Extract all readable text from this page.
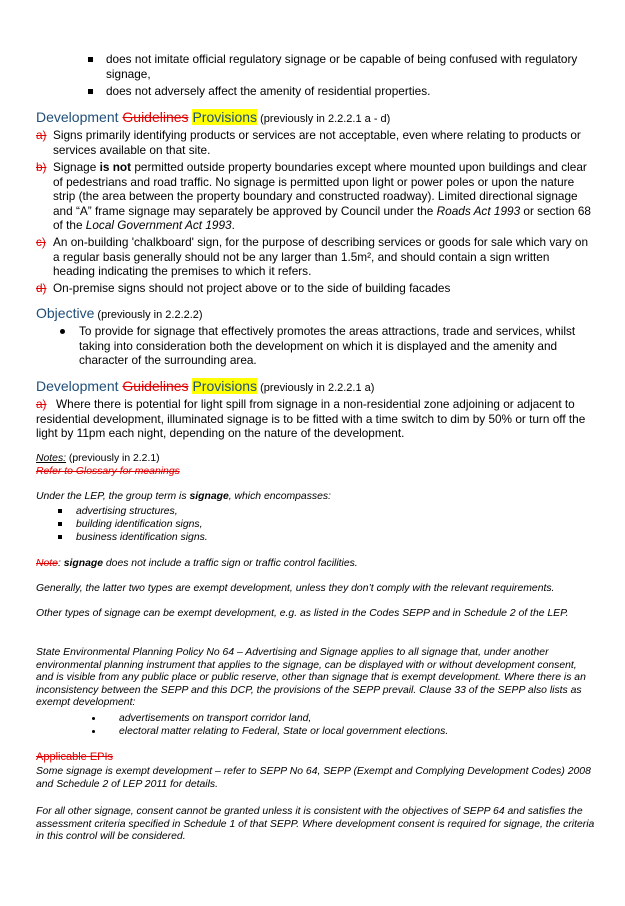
does not imitate official regulatory signage or be capable of being confused with regulatory signage,
does not adversely affect the amenity of residential properties.
Development Guidelines Provisions (previously in 2.2.2.1 a - d)
a) Signs primarily identifying products or services are not acceptable, even where relating to products or services available on that site.
b) Signage is not permitted outside property boundaries except where mounted upon buildings and clear of pedestrians and road traffic. No signage is permitted upon light or power poles or upon the nature strip (the area between the property boundary and constructed roadway). Limited directional signage and “A” frame signage may separately be approved by Council under the Roads Act 1993 or section 68 of the Local Government Act 1993.
c) An on-building 'chalkboard' sign, for the purpose of describing services or goods for sale which vary on a regular basis generally should not be any larger than 1.5m², and should contain a sign written heading indicating the premises to which it refers.
d) On-premise signs should not project above or to the side of building facades
Objective (previously in 2.2.2.2)
To provide for signage that effectively promotes the areas attractions, trade and services, whilst taking into consideration both the development on which it is displayed and the amenity and character of the surrounding area.
Development Guidelines Provisions (previously in 2.2.2.1 a)
a) Where there is potential for light spill from signage in a non-residential zone adjoining or adjacent to residential development, illuminated signage is to be fitted with a time switch to dim by 50% or turn off the light by 11pm each night, depending on the nature of the development.
Notes: (previously in 2.2.1)
Refer to Glossary for meanings
Under the LEP, the group term is signage, which encompasses:
advertising structures,
building identification signs,
business identification signs.
Note: signage does not include a traffic sign or traffic control facilities.
Generally, the latter two types are exempt development, unless they don’t comply with the relevant requirements.
Other types of signage can be exempt development, e.g. as listed in the Codes SEPP and in Schedule 2 of the LEP.
State Environmental Planning Policy No 64 – Advertising and Signage applies to all signage that, under another environmental planning instrument that applies to the signage, can be displayed with or without development consent, and is visible from any public place or public reserve, other than signage that is exempt development. Where there is an inconsistency between the SEPP and this DCP, the provisions of the SEPP prevail. Clause 33 of the SEPP also lists as exempt development:
advertisements on transport corridor land,
electoral matter relating to Federal, State or local government elections.
Applicable EPIs
Some signage is exempt development – refer to SEPP No 64, SEPP (Exempt and Complying Development Codes) 2008 and Schedule 2 of LEP 2011 for details.
For all other signage, consent cannot be granted unless it is consistent with the objectives of SEPP 64 and satisfies the assessment criteria specified in Schedule 1 of that SEPP. Where development consent is required for signage, the criteria in this control will be considered.
